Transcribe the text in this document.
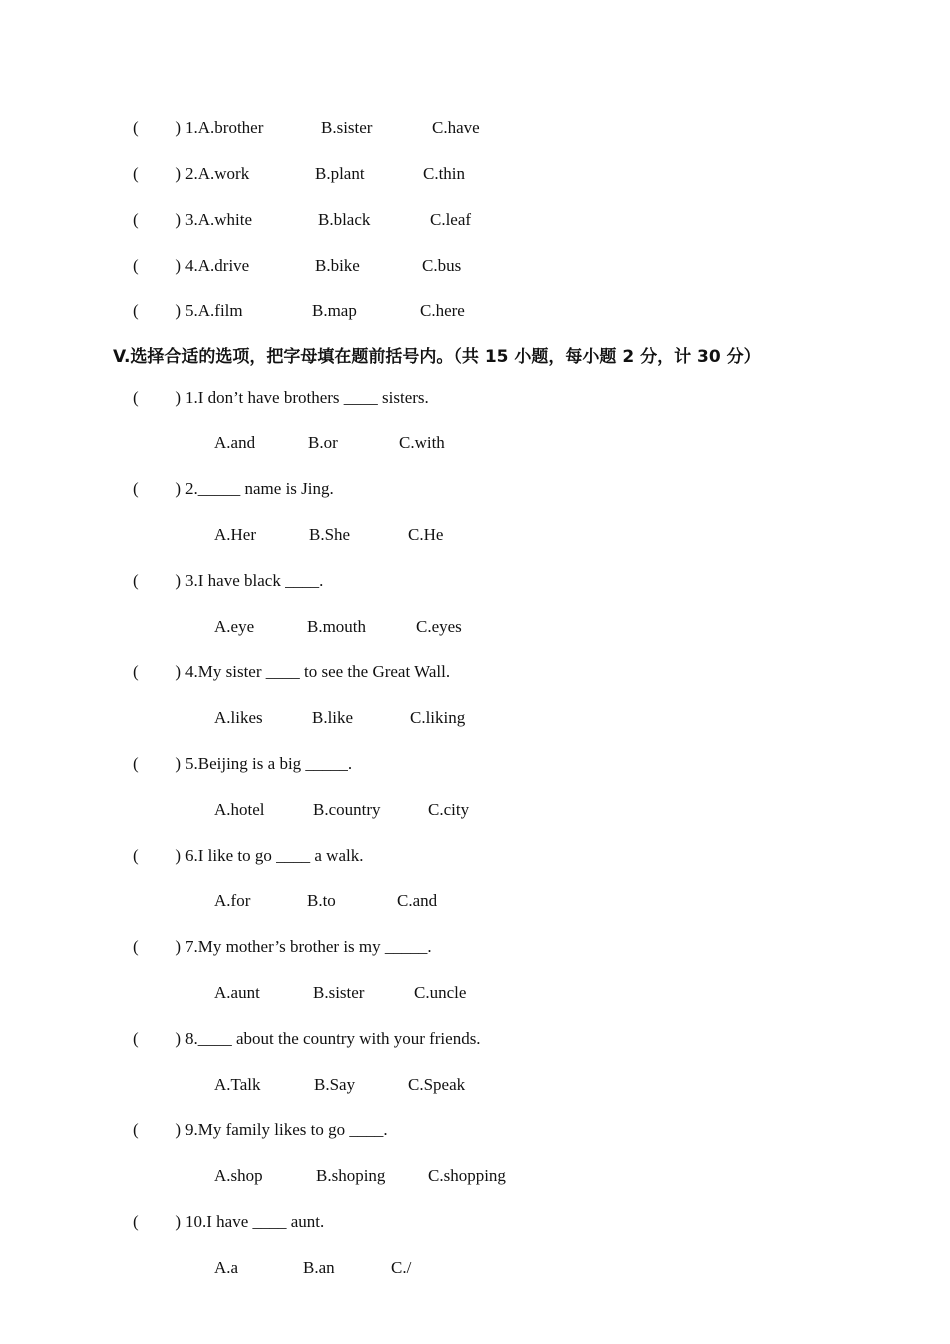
( ) 1.A.brother	B.sister	C.have
( ) 2.A.work	B.plant	C.thin
( ) 3.A.white	B.black	C.leaf
( ) 4.A.drive	B.bike	C.bus
( ) 5.A.film	B.map	C.here
V.选择合适的选项，把字母填在题前括号内。（共 15 小题，每小题 2 分，计 30 分）
( ) 1.I don’t have brothers ____ sisters.
A.and	B.or	C.with
( ) 2._____ name is Jing.
A.Her	B.She	C.He
( ) 3.I have black ____.
A.eye	B.mouth	C.eyes
( ) 4.My sister ____ to see the Great Wall.
A.likes	B.like	C.liking
( ) 5.Beijing is a big _____.
A.hotel	B.country	C.city
( ) 6.I like to go ____ a walk.
A.for	B.to	C.and
( ) 7.My mother’s brother is my _____.
A.aunt	B.sister	C.uncle
( ) 8.____ about the country with your friends.
A.Talk	B.Say	C.Speak
( ) 9.My family likes to go ____.
A.shop	B.shoping	C.shopping
( ) 10.I have ____ aunt.
A.a	B.an	C./
